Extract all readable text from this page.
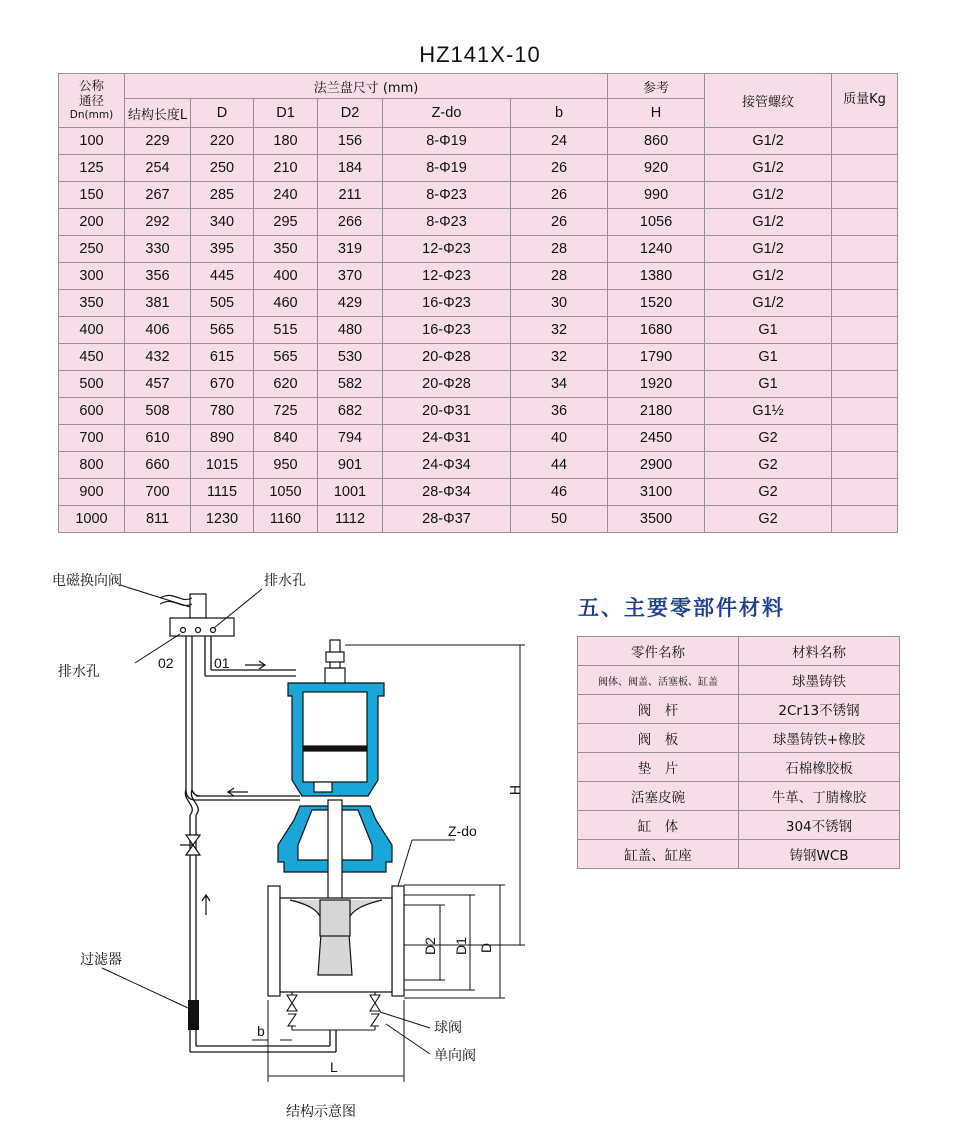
HZ141X-10
公称
通径
Dn(mm)	法兰盘尺寸 (mm)						参考	接管螺纹	质量Kg
	结构长度L	D	D1	D2	Z-do	b	H		
100	229	220	180	156	8-Φ19	24	860	G1/2	
125	254	250	210	184	8-Φ19	26	920	G1/2	
150	267	285	240	211	8-Φ23	26	990	G1/2	
200	292	340	295	266	8-Φ23	26	1056	G1/2	
250	330	395	350	319	12-Φ23	28	1240	G1/2	
300	356	445	400	370	12-Φ23	28	1380	G1/2	
350	381	505	460	429	16-Φ23	30	1520	G1/2	
400	406	565	515	480	16-Φ23	32	1680	G1	
450	432	615	565	530	20-Φ28	32	1790	G1	
500	457	670	620	582	20-Φ28	34	1920	G1	
600	508	780	725	682	20-Φ31	36	2180	G1½	
700	610	890	840	794	24-Φ31	40	2450	G2	
800	660	1015	950	901	24-Φ34	44	2900	G2	
900	700	1115	1050	1001	28-Φ34	46	3100	G2	
1000	811	1230	1160	1112	28-Φ37	50	3500	G2	
五、主要零部件材料
零件名称	材料名称
阀体、阀盖、活塞板、缸盖	球墨铸铁
阀　杆	2Cr13不锈钢
阀　板	球墨铸铁+橡胶
垫　片	石棉橡胶板
活塞皮碗	牛革、丁腈橡胶
缸　体	304不锈钢
缸盖、缸座	铸钢WCB
电磁换向阀	排水孔
排水孔
02	01
H
Z-do
D2 D1 D
过滤器
球阀
单向阀
b
L
结构示意图
